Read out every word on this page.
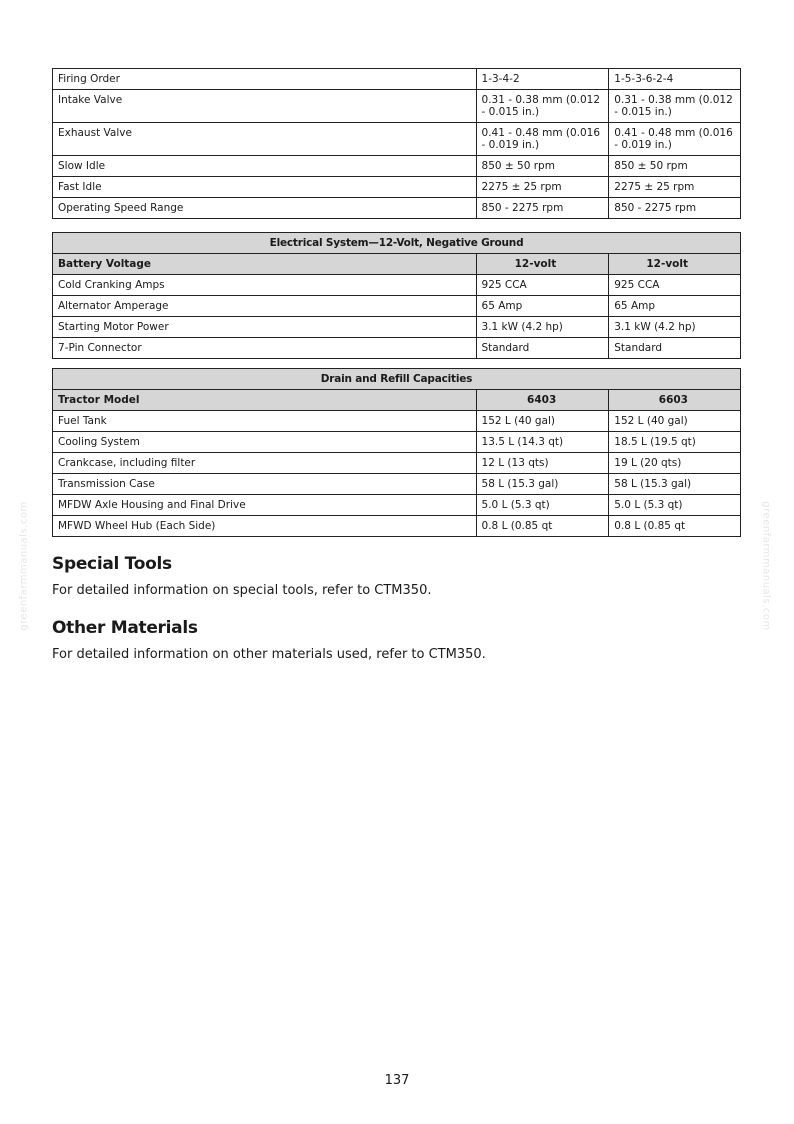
Firing Order	1-3-4-2	1-5-3-6-2-4
Intake Valve	0.31 - 0.38 mm (0.012 - 0.015 in.)	0.31 - 0.38 mm (0.012 - 0.015 in.)
Exhaust Valve	0.41 - 0.48 mm (0.016 - 0.019 in.)	0.41 - 0.48 mm (0.016 - 0.019 in.)
Slow Idle	850 ± 50 rpm	850 ± 50 rpm
Fast Idle	2275 ± 25 rpm	2275 ± 25 rpm
Operating Speed Range	850 - 2275 rpm	850 - 2275 rpm
Electrical System—12-Volt, Negative Ground		
Battery Voltage	12-volt	12-volt
Cold Cranking Amps	925 CCA	925 CCA
Alternator Amperage	65 Amp	65 Amp
Starting Motor Power	3.1 kW (4.2 hp)	3.1 kW (4.2 hp)
7-Pin Connector	Standard	Standard
Drain and Refill Capacities		
Tractor Model	6403	6603
Fuel Tank	152 L (40 gal)	152 L (40 gal)
Cooling System	13.5 L (14.3 qt)	18.5 L (19.5 qt)
Crankcase, including filter	12 L (13 qts)	19 L (20 qts)
Transmission Case	58 L (15.3 gal)	58 L (15.3 gal)
MFDW Axle Housing and Final Drive	5.0 L (5.3 qt)	5.0 L (5.3 qt)
MFWD Wheel Hub (Each Side)	0.8 L (0.85 qt	0.8 L (0.85 qt
Special Tools

For detailed information on special tools, refer to CTM350.

Other Materials

For detailed information on other materials used, refer to CTM350.

greenfarmmanuals.com	greenfarmmanuals.com

137
